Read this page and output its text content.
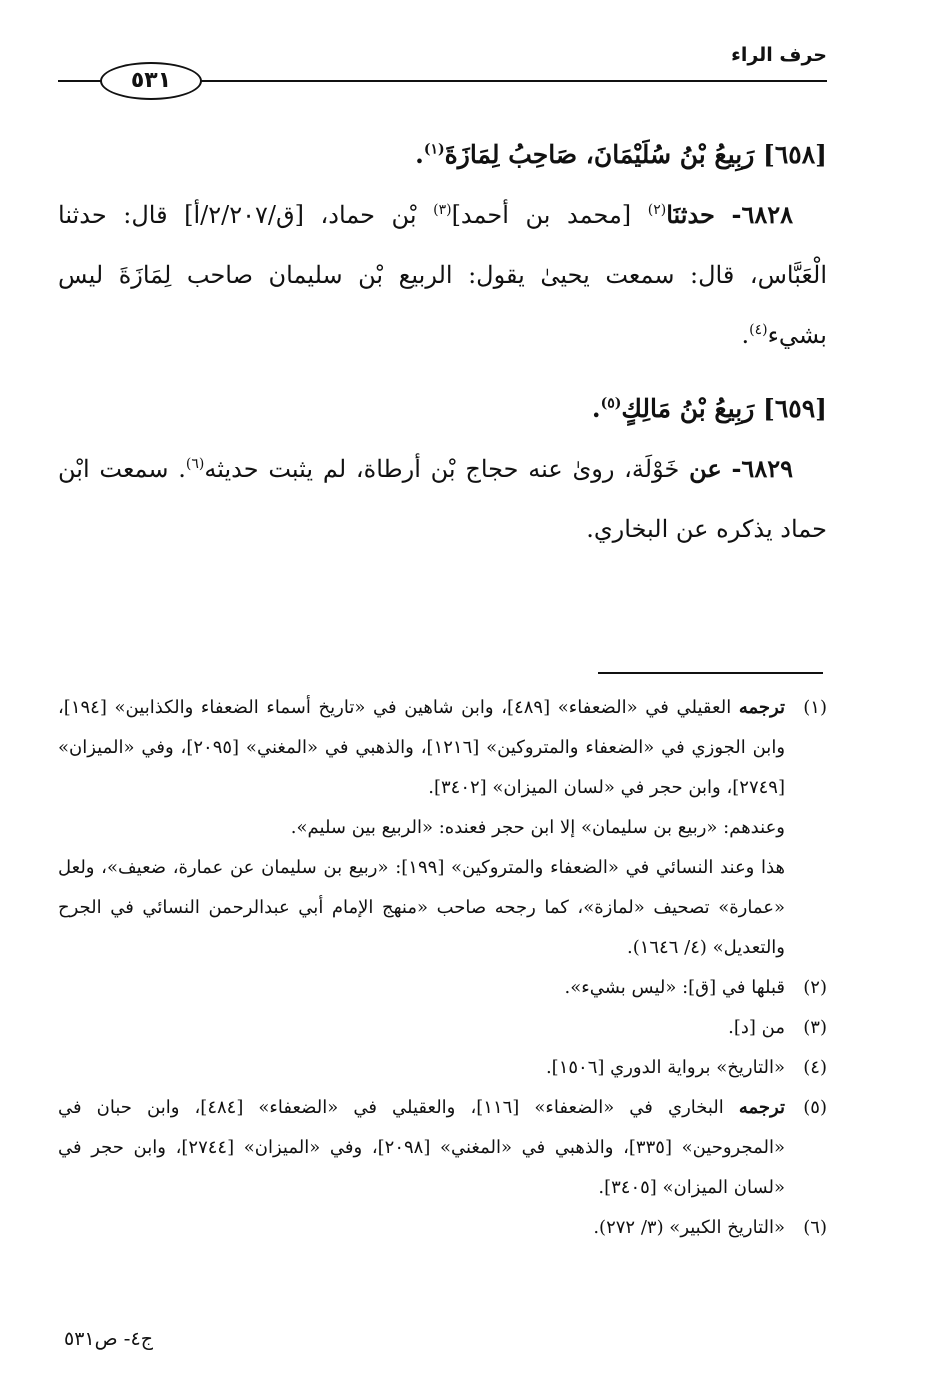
حرف الراء
٥٣١

[٦٥٨] رَبِيعُ بْنُ سُلَيْمَانَ، صَاحِبُ لِمَازَةَ$^{(١)}$.

٦٨٢٨- حدثنَا$^{(٢)}$ [محمد بن أحمد]$^{(٣)}$ بْن حماد، [ق/٢/٢٠٧/أ] قال: حدثنا الْعَبَّاس، قال: سمعت يحيىٰ يقول: الربيع بْن سليمان صاحب لِمَازَةَ ليس بشيء$^{(٤)}$.

[٦٥٩] رَبِيعُ بْنُ مَالِكٍ$^{(٥)}$.

٦٨٢٩- عن خَوْلَة، رویٰ عنه حجاج بْن أرطاة، لم يثبت حديثه$^{(٦)}$. سمعت ابْن حماد يذكره عن البخاري.

(١)
ترجمه العقيلي في «الضعفاء» [٤٨٩]، وابن شاهين في «تاريخ أسماء الضعفاء والكذابين» [١٩٤]، وابن الجوزي في «الضعفاء والمتروكين» [١٢١٦]، والذهبي في «المغني» [٢٠٩٥]، وفي «الميزان» [٢٧٤٩]، وابن حجر في «لسان الميزان» [٣٤٠٢].

وعندهم: «ربيع بن سليمان» إلا ابن حجر فعنده: «الربيع بين سليم».

هذا وعند النسائي في «الضعفاء والمتروكين» [١٩٩]: «ربيع بن سليمان عن عمارة، ضعيف»، ولعل «عمارة» تصحيف «لمازة»، كما رجحه صاحب «منهج الإمام أبي عبدالرحمن النسائي في الجرح والتعديل» (٤/ ١٦٤٦).

(٢)
قبلها في [ق]: «ليس بشيء».
(٣)
من [د].
(٤)
«التاريخ» برواية الدوري [١٥٠٦].
(٥)
ترجمه البخاري في «الضعفاء» [١١٦]، والعقيلي في «الضعفاء» [٤٨٤]، وابن حبان في «المجروحين» [٣٣٥]، والذهبي في «المغني» [٢٠٩٨]، وفي «الميزان» [٢٧٤٤]، وابن حجر في «لسان الميزان» [٣٤٠٥].
(٦)
«التاريخ الكبير» (٣/ ٢٧٢).
ج٤- ص٥٣١
